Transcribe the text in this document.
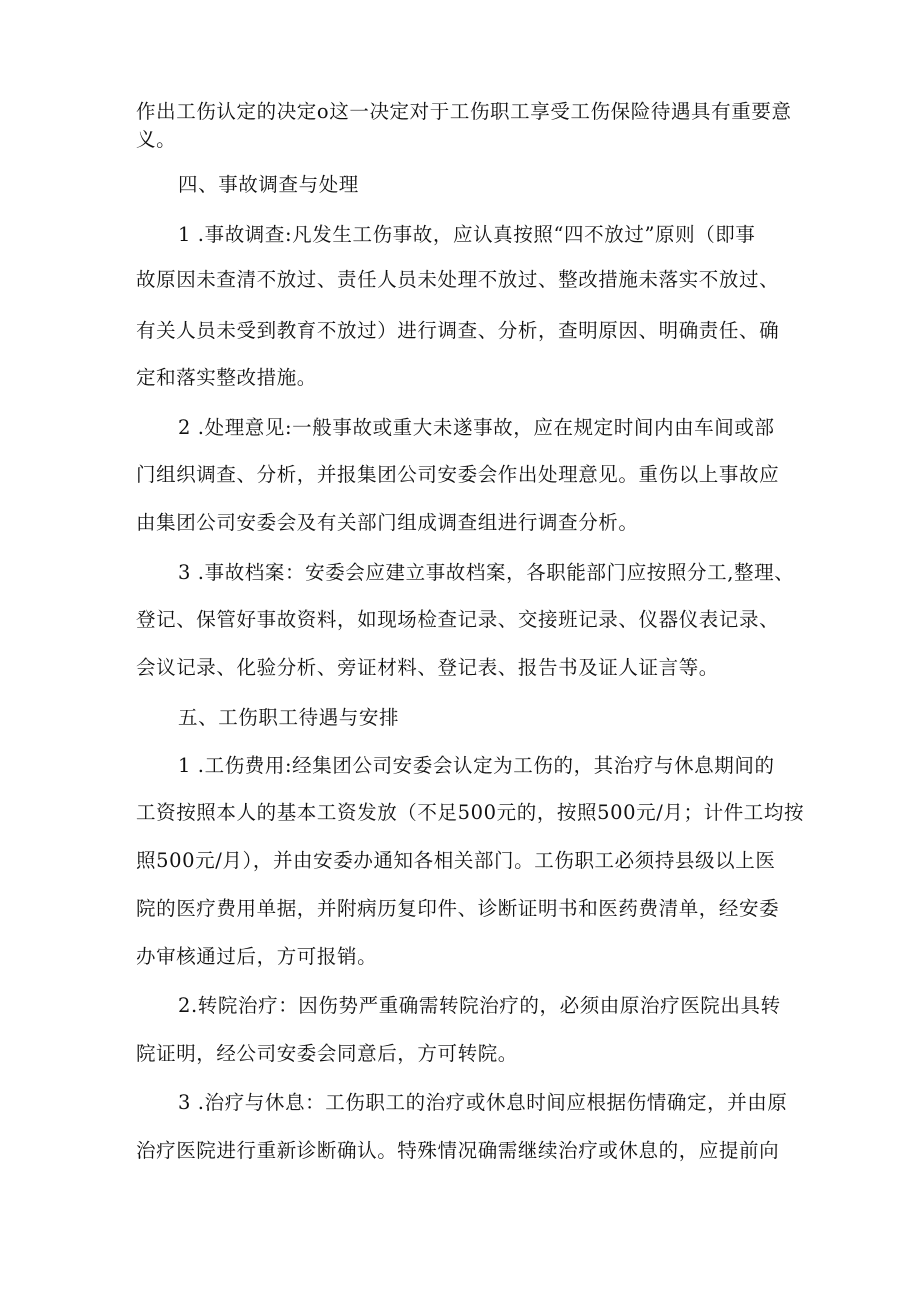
作出工伤认定的决定o这一决定对于工伤职工享受工伤保险待遇具有重要意
义。
四、事故调查与处理
1 .事故调查:凡发生工伤事故，应认真按照“四不放过”原则（即事
故原因未查清不放过、责任人员未处理不放过、整改措施未落实不放过、
有关人员未受到教育不放过）进行调查、分析，查明原因、明确责任、确
定和落实整改措施。
2 .处理意见:一般事故或重大未遂事故，应在规定时间内由车间或部
门组织调查、分析，并报集团公司安委会作出处理意见。重伤以上事故应
由集团公司安委会及有关部门组成调查组进行调查分析。
3 .事故档案：安委会应建立事故档案，各职能部门应按照分工,整理、
登记、保管好事故资料，如现场检查记录、交接班记录、仪器仪表记录、
会议记录、化验分析、旁证材料、登记表、报告书及证人证言等。
五、工伤职工待遇与安排
1 .工伤费用:经集团公司安委会认定为工伤的，其治疗与休息期间的
工资按照本人的基本工资发放（不足500元的，按照500元/月；计件工均按
照500元/月），并由安委办通知各相关部门。工伤职工必须持县级以上医
院的医疗费用单据，并附病历复印件、诊断证明书和医药费清单，经安委
办审核通过后，方可报销。
2.转院治疗：因伤势严重确需转院治疗的，必须由原治疗医院出具转
院证明，经公司安委会同意后，方可转院。
3 .治疗与休息：工伤职工的治疗或休息时间应根据伤情确定，并由原
治疗医院进行重新诊断确认。特殊情况确需继续治疗或休息的，应提前向
